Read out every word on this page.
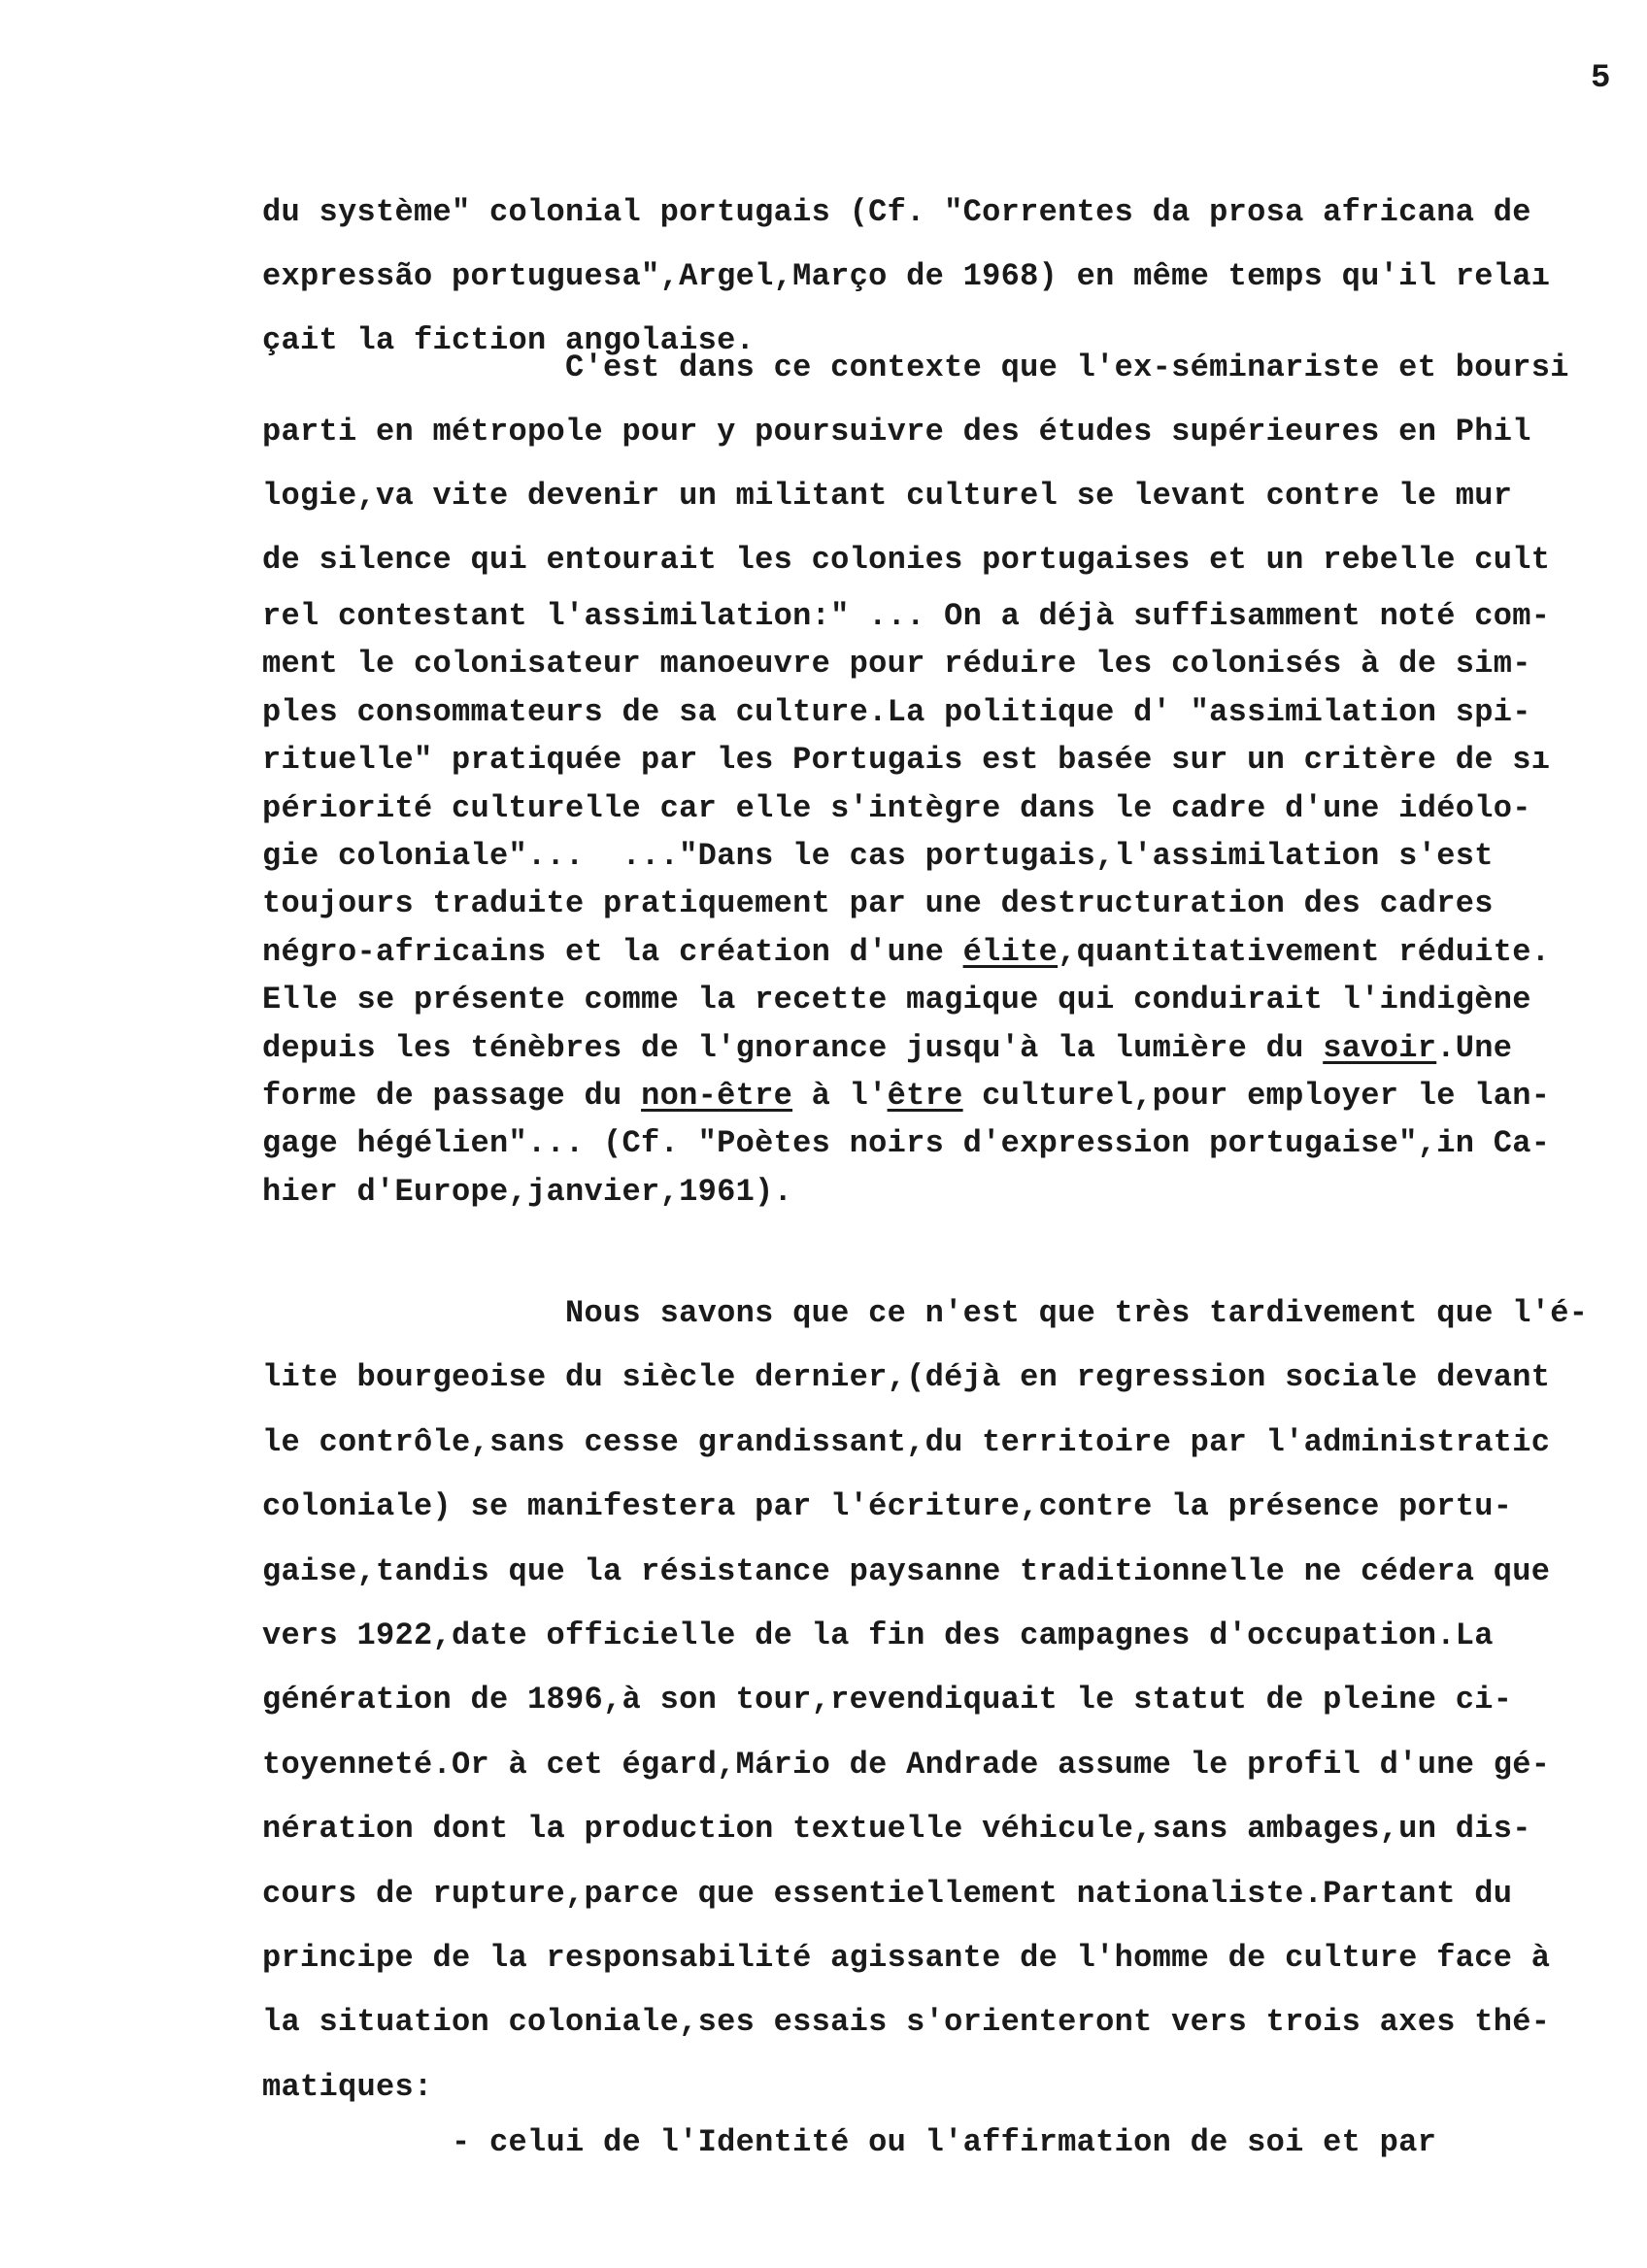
5
du système" colonial portugais (Cf. "Correntes da prosa africana de
expressão portuguesa",Argel,Março de 1968) en même temps qu'il relaı
çait la fiction angolaise.
C'est dans ce contexte que l'ex-séminariste et boursi
parti en métropole pour y poursuivre des études supérieures en Phil
logie,va vite devenir un militant culturel se levant contre le mur
de silence qui entourait les colonies portugaises et un rebelle cult
rel contestant l'assimilation:" ... On a déjà suffisamment noté com-
ment le colonisateur manoeuvre pour réduire les colonisés à de sim-
ples consommateurs de sa culture.La politique d' "assimilation spi-
rituelle" pratiquée par les Portugais est basée sur un critère de sı
périorité culturelle car elle s'intègre dans le cadre d'une idéolo-
gie coloniale"...  ..."Dans le cas portugais,l'assimilation s'est
toujours traduite pratiquement par une destructuration des cadres
négro-africains et la création d'une élite,quantitativement réduite.
Elle se présente comme la recette magique qui conduirait l'indigène
depuis les ténèbres de l'gnorance jusqu'à la lumière du savoir.Une
forme de passage du non-être à l'être culturel,pour employer le lan-
gage hégélien"... (Cf. "Poètes noirs d'expression portugaise",in Ca-
hier d'Europe,janvier,1961).
Nous savons que ce n'est que très tardivement que l'é-
lite bourgeoise du siècle dernier,(déjà en regression sociale devant
le contrôle,sans cesse grandissant,du territoire par l'administratic
coloniale) se manifestera par l'écriture,contre la présence portu-
gaise,tandis que la résistance paysanne traditionnelle ne cédera que
vers 1922,date officielle de la fin des campagnes d'occupation.La
génération de 1896,à son tour,revendiquait le statut de pleine ci-
toyenneté.Or à cet égard,Mário de Andrade assume le profil d'une gé-
nération dont la production textuelle véhicule,sans ambages,un dis-
cours de rupture,parce que essentiellement nationaliste.Partant du
principe de la responsabilité agissante de l'homme de culture face à
la situation coloniale,ses essais s'orienteront vers trois axes thé-
matiques:
- celui de l'Identité ou l'affirmation de soi et par
